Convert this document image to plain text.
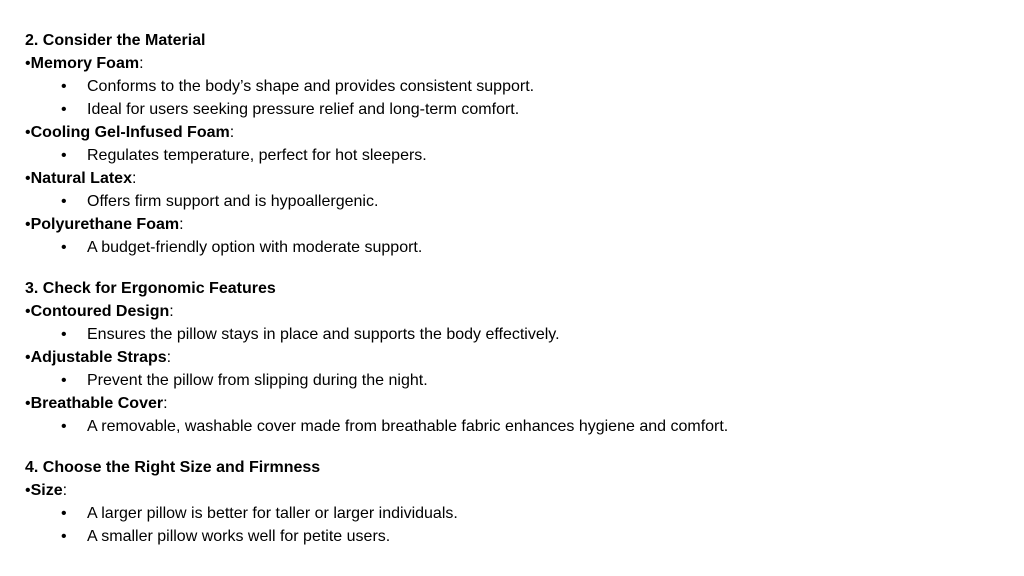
2. Consider the Material
•Memory Foam:
• Conforms to the body’s shape and provides consistent support.
• Ideal for users seeking pressure relief and long-term comfort.
•Cooling Gel-Infused Foam:
• Regulates temperature, perfect for hot sleepers.
•Natural Latex:
• Offers firm support and is hypoallergenic.
•Polyurethane Foam:
• A budget-friendly option with moderate support.
3. Check for Ergonomic Features
•Contoured Design:
• Ensures the pillow stays in place and supports the body effectively.
•Adjustable Straps:
• Prevent the pillow from slipping during the night.
•Breathable Cover:
• A removable, washable cover made from breathable fabric enhances hygiene and comfort.
4. Choose the Right Size and Firmness
•Size:
• A larger pillow is better for taller or larger individuals.
• A smaller pillow works well for petite users.
